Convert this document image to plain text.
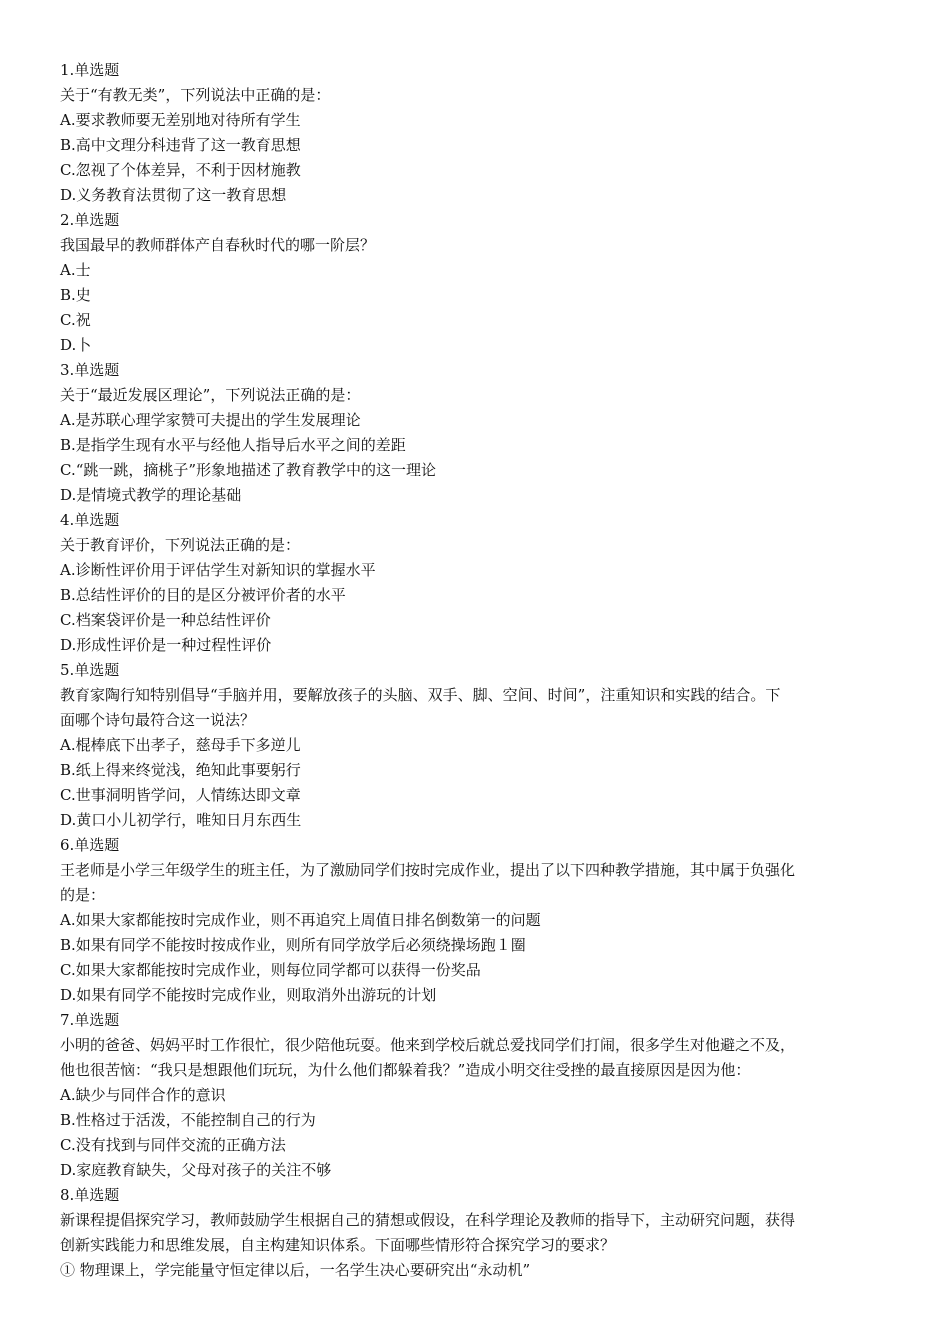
1.单选题

关于“有教无类”，下列说法中正确的是：

A.要求教师要无差别地对待所有学生

B.高中文理分科违背了这一教育思想

C.忽视了个体差异，不利于因材施教

D.义务教育法贯彻了这一教育思想

2.单选题

我国最早的教师群体产自春秋时代的哪一阶层？

A.士

B.史

C.祝

D.卜

3.单选题

关于“最近发展区理论”，下列说法正确的是：

A.是苏联心理学家赞可夫提出的学生发展理论

B.是指学生现有水平与经他人指导后水平之间的差距

C.“跳一跳，摘桃子”形象地描述了教育教学中的这一理论

D.是情境式教学的理论基础

4.单选题

关于教育评价，下列说法正确的是：

A.诊断性评价用于评估学生对新知识的掌握水平

B.总结性评价的目的是区分被评价者的水平

C.档案袋评价是一种总结性评价

D.形成性评价是一种过程性评价

5.单选题

教育家陶行知特别倡导“手脑并用，要解放孩子的头脑、双手、脚、空间、时间”，注重知识和实践的结合。下

面哪个诗句最符合这一说法？

A.棍棒底下出孝子，慈母手下多逆儿

B.纸上得来终觉浅，绝知此事要躬行

C.世事洞明皆学问，人情练达即文章

D.黄口小儿初学行，唯知日月东西生

6.单选题

王老师是小学三年级学生的班主任，为了激励同学们按时完成作业，提出了以下四种教学措施，其中属于负强化

的是：

A.如果大家都能按时完成作业，则不再追究上周值日排名倒数第一的问题

B.如果有同学不能按时按成作业，则所有同学放学后必须绕操场跑１圈

C.如果大家都能按时完成作业，则每位同学都可以获得一份奖品

D.如果有同学不能按时完成作业，则取消外出游玩的计划

7.单选题

小明的爸爸、妈妈平时工作很忙，很少陪他玩耍。他来到学校后就总爱找同学们打闹，很多学生对他避之不及，

他也很苦恼：“我只是想跟他们玩玩，为什么他们都躲着我？”造成小明交往受挫的最直接原因是因为他：

A.缺少与同伴合作的意识

B.性格过于活泼，不能控制自己的行为

C.没有找到与同伴交流的正确方法

D.家庭教育缺失，父母对孩子的关注不够

8.单选题

新课程提倡探究学习，教师鼓励学生根据自己的猜想或假设，在科学理论及教师的指导下，主动研究问题，获得

创新实践能力和思维发展，自主构建知识体系。下面哪些情形符合探究学习的要求？

① 物理课上，学完能量守恒定律以后，一名学生决心要研究出“永动机”
